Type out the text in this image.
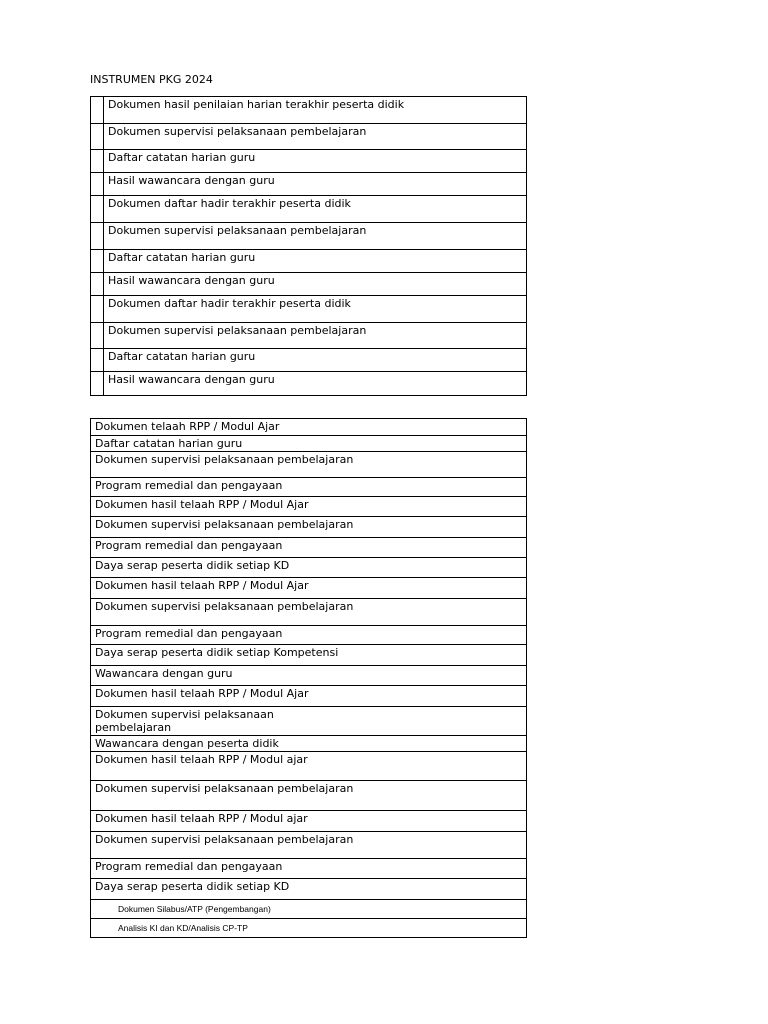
INSTRUMEN PKG 2024
	Dokumen hasil penilaian harian terakhir peserta didik
	Dokumen supervisi pelaksanaan pembelajaran
	Daftar catatan harian guru
	Hasil wawancara dengan guru
	Dokumen daftar hadir terakhir peserta didik
	Dokumen supervisi pelaksanaan pembelajaran
	Daftar catatan harian guru
	Hasil wawancara dengan guru
	Dokumen daftar hadir terakhir peserta didik
	Dokumen supervisi pelaksanaan pembelajaran
	Daftar catatan harian guru
	Hasil wawancara dengan guru
Dokumen telaah RPP / Modul Ajar
Daftar catatan harian guru
Dokumen supervisi pelaksanaan pembelajaran
Program remedial dan pengayaan
Dokumen hasil telaah RPP / Modul Ajar
Dokumen supervisi pelaksanaan pembelajaran
Program remedial dan pengayaan
Daya serap peserta didik setiap KD
Dokumen hasil telaah RPP / Modul Ajar
Dokumen supervisi pelaksanaan pembelajaran
Program remedial dan pengayaan
Daya serap peserta didik setiap Kompetensi
Wawancara dengan guru
Dokumen hasil telaah RPP / Modul Ajar
Dokumen supervisi pelaksanaan
pembelajaran
Wawancara dengan peserta didik
Dokumen hasil telaah RPP / Modul ajar
Dokumen supervisi pelaksanaan pembelajaran
Dokumen hasil telaah RPP / Modul ajar
Dokumen supervisi pelaksanaan pembelajaran
Program remedial dan pengayaan
Daya serap peserta didik setiap KD
Dokumen Silabus/ATP (Pengembangan)
Analisis KI dan KD/Analisis CP-TP
